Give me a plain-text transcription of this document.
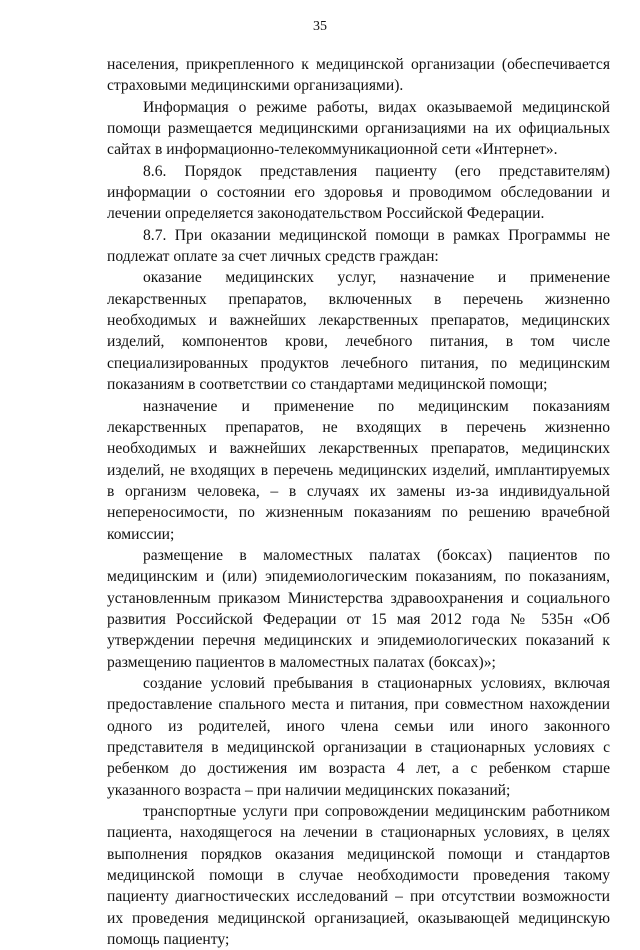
35

населения, прикрепленного к медицинской организации (обеспечивается страховыми медицинскими организациями).

Информация о режиме работы, видах оказываемой медицинской помощи размещается медицинскими организациями на их официальных сайтах в информационно-телекоммуникационной сети «Интернет».

8.6. Порядок представления пациенту (его представителям) информации о состоянии его здоровья и проводимом обследовании и лечении определяется законодательством Российской Федерации.

8.7. При оказании медицинской помощи в рамках Программы не подлежат оплате за счет личных средств граждан:

оказание медицинских услуг, назначение и применение лекарственных препаратов, включенных в перечень жизненно необходимых и важнейших лекарственных препаратов, медицинских изделий, компонентов крови, лечебного питания, в том числе специализированных продуктов лечебного питания, по медицинским показаниям в соответствии со стандартами медицинской помощи;

назначение и применение по медицинским показаниям лекарственных препаратов, не входящих в перечень жизненно необходимых и важнейших лекарственных препаратов, медицинских изделий, не входящих в перечень медицинских изделий, имплантируемых в организм человека, – в случаях их замены из-за индивидуальной непереносимости, по жизненным показаниям по решению врачебной комиссии;

размещение в маломестных палатах (боксах) пациентов по медицинским и (или) эпидемиологическим показаниям, по показаниям, установленным приказом Министерства здравоохранения и социального развития Российской Федерации от 15 мая 2012 года № 535н «Об утверждении перечня медицинских и эпидемиологических показаний к размещению пациентов в маломестных палатах (боксах)»;

создание условий пребывания в стационарных условиях, включая предоставление спального места и питания, при совместном нахождении одного из родителей, иного члена семьи или иного законного представителя в медицинской организации в стационарных условиях с ребенком до достижения им возраста 4 лет, а с ребенком старше указанного возраста – при наличии медицинских показаний;

транспортные услуги при сопровождении медицинским работником пациента, находящегося на лечении в стационарных условиях, в целях выполнения порядков оказания медицинской помощи и стандартов медицинской помощи в случае необходимости проведения такому пациенту диагностических исследований – при отсутствии возможности их проведения медицинской организацией, оказывающей медицинскую помощь пациенту;
